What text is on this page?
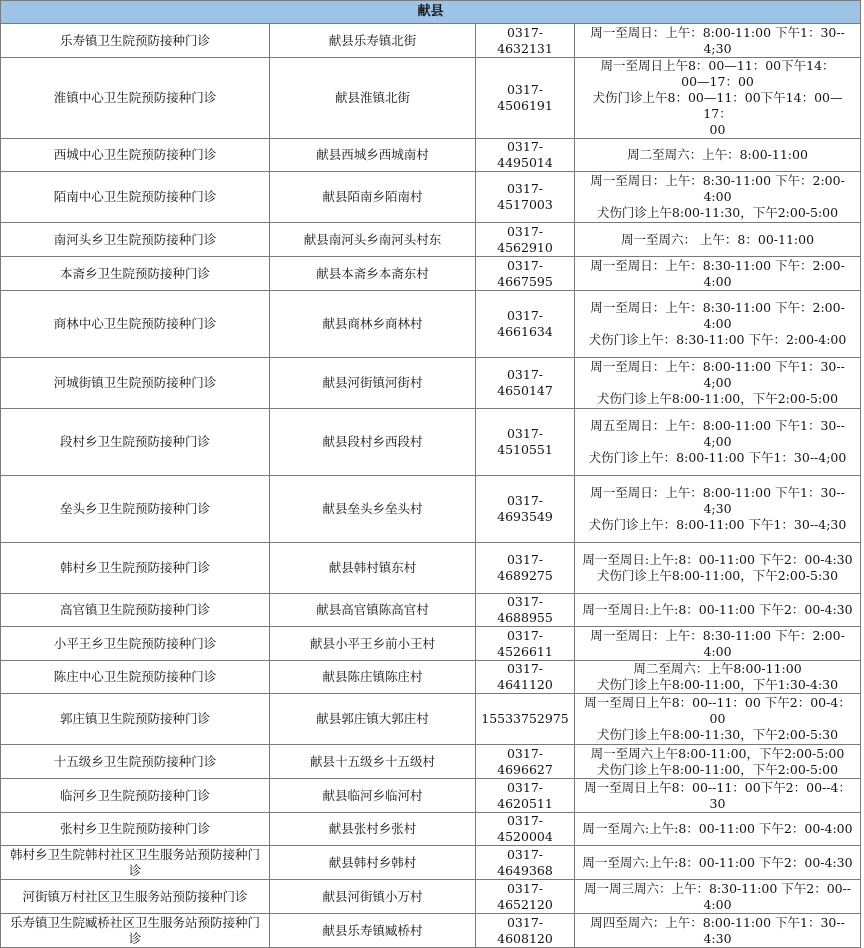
献县			
乐寿镇卫生院预防接种门诊	献县乐寿镇北街	0317-4632131	周一至周日：上午：8:00-11:00 下午1：30--
4;30

淮镇中心卫生院预防接种门诊	献县淮镇北街	0317-4506191	周一至周日上午8：00—11：00下午14：
00—17：00
犬伤门诊上午8：00—11：00下午14：00—17：
00

西城中心卫生院预防接种门诊	献县西城乡西城南村	0317-4495014	周二至周六：上午：8:00-11:00

陌南中心卫生院预防接种门诊	献县陌南乡陌南村	0317-4517003	周一至周日：上午：8:30-11:00 下午：2:00-
4:00
犬伤门诊上午8:00-11:30，下午2:00-5:00

南河头乡卫生院预防接种门诊	献县南河头乡南河头村东	0317-4562910	周一至周六： 上午：8：00-11:00

本斋乡卫生院预防接种门诊	献县本斋乡本斋东村	0317-4667595	周一至周日：上午：8:30-11:00 下午：2:00-
4:00

商林中心卫生院预防接种门诊	献县商林乡商林村	0317-4661634	周一至周日：上午：8:30-11:00 下午：2:00-
4:00
犬伤门诊上午：8:30-11:00 下午：2:00-4:00

河城街镇卫生院预防接种门诊	献县河街镇河街村	0317-4650147	周一至周日：上午：8:00-11:00 下午1：30--
4;00
犬伤门诊上午8:00-11:00，下午2:00-5:00

段村乡卫生院预防接种门诊	献县段村乡西段村	0317-4510551	周五至周日：上午：8:00-11:00 下午1：30--
4;00
犬伤门诊上午：8:00-11:00 下午1：30--4;00

垒头乡卫生院预防接种门诊	献县垒头乡垒头村	0317-4693549	周一至周日：上午：8:00-11:00 下午1：30--
4;30
犬伤门诊上午：8:00-11:00 下午1：30--4;30

韩村乡卫生院预防接种门诊	献县韩村镇东村	0317-4689275	周一至周日:上午:8：00-11:00 下午2：00-4:30
犬伤门诊上午8:00-11:00，下午2:00-5:30

高官镇卫生院预防接种门诊	献县高官镇陈高官村	0317-4688955	周一至周日:上午:8：00-11:00 下午2：00-4:30

小平王乡卫生院预防接种门诊	献县小平王乡前小王村	0317-4526611	周一至周日：上午：8:30-11:00 下午：2:00-
4:00

陈庄中心卫生院预防接种门诊	献县陈庄镇陈庄村	0317-4641120	周二至周六：上午8:00-11:00
犬伤门诊上午8:00-11:00，下午1:30-4:30

郭庄镇卫生院预防接种门诊	献县郭庄镇大郭庄村	15533752975	周一至周日上午8：00--11：00 下午2：00-4：
00
犬伤门诊上午8:00-11:30，下午2:00-5:30

十五级乡卫生院预防接种门诊	献县十五级乡十五级村	0317-4696627	周一至周六上午8:00-11:00，下午2:00-5:00
犬伤门诊上午8:00-11:00，下午2:00-5:00

临河乡卫生院预防接种门诊	献县临河乡临河村	0317-4620511	周一至周日上午8：00--11：00下午2：00--4：
30

张村乡卫生院预防接种门诊	献县张村乡张村	0317-4520004	周一至周六:上午:8：00-11:00 下午2：00-4:00

韩村乡卫生院韩村社区卫生服务站预防接种门诊	献县韩村乡韩村	0317-4649368	周一至周六:上午:8：00-11:00 下午2：00-4:30

河街镇万村社区卫生服务站预防接种门诊	献县河街镇小万村	0317-4652120	周一周三周六：上午：8:30-11:00 下午2：00--
4:00

乐寿镇卫生院臧桥社区卫生服务站预防接种门诊	献县乐寿镇臧桥村	0317-4608120	周四至周六：上午：8:00-11:00 下午1：30--
4:30
